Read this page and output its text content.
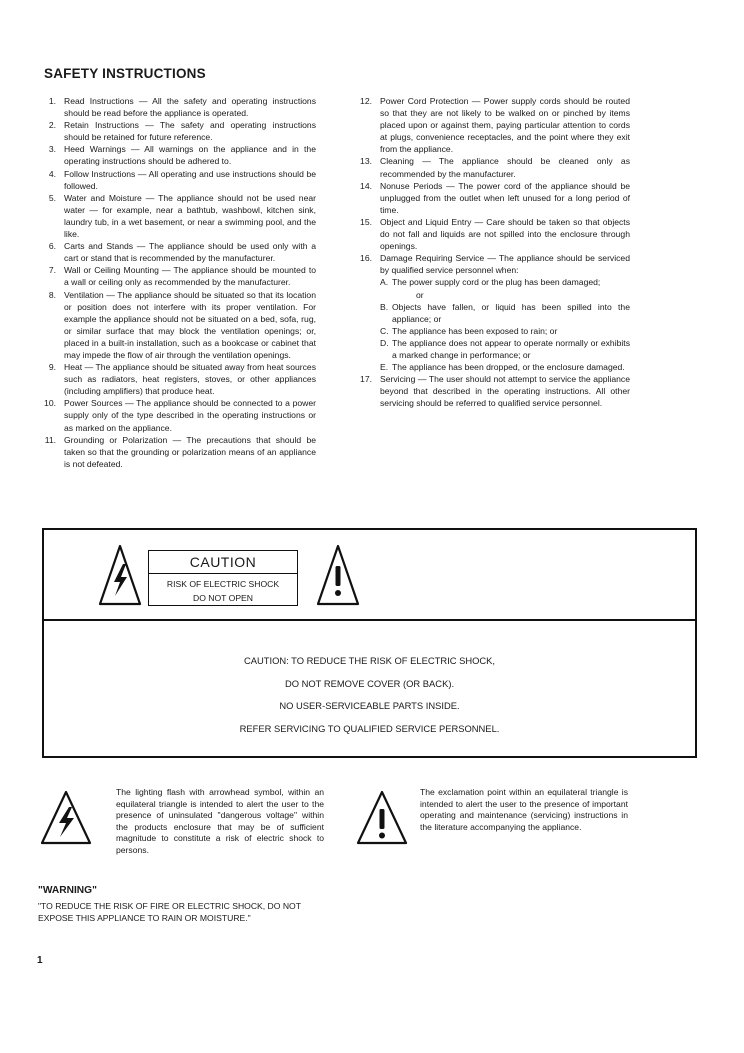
SAFETY INSTRUCTIONS
1. Read Instructions — All the safety and operating instructions should be read before the appliance is operated.
2. Retain Instructions — The safety and operating instructions should be retained for future reference.
3. Heed Warnings — All warnings on the appliance and in the operating instructions should be adhered to.
4. Follow Instructions — All operating and use instructions should be followed.
5. Water and Moisture — The appliance should not be used near water — for example, near a bathtub, washbowl, kitchen sink, laundry tub, in a wet basement, or near a swimming pool, and the like.
6. Carts and Stands — The appliance should be used only with a cart or stand that is recommended by the manufacturer.
7. Wall or Ceiling Mounting — The appliance should be mounted to a wall or ceiling only as recommended by the manufacturer.
8. Ventilation — The appliance should be situated so that its location or position does not interfere with its proper ventilation. For example the appliance should not be situated on a bed, sofa, rug, or similar surface that may block the ventilation openings; or, placed in a built-in installation, such as a bookcase or cabinet that may impede the flow of air through the ventilation openings.
9. Heat — The appliance should be situated away from heat sources such as radiators, heat registers, stoves, or other appliances (including amplifiers) that produce heat.
10. Power Sources — The appliance should be connected to a power supply only of the type described in the operating instructions or as marked on the appliance.
11. Grounding or Polarization — The precautions that should be taken so that the grounding or polarization means of an appliance is not defeated.
12. Power Cord Protection — Power supply cords should be routed so that they are not likely to be walked on or pinched by items placed upon or against them, paying particular attention to cords at plugs, convenience receptacles, and the point where they exit from the appliance.
13. Cleaning — The appliance should be cleaned only as recommended by the manufacturer.
14. Nonuse Periods — The power cord of the appliance should be unplugged from the outlet when left unused for a long period of time.
15. Object and Liquid Entry — Care should be taken so that objects do not fall and liquids are not spilled into the enclosure through openings.
16. Damage Requiring Service — The appliance should be serviced by qualified service personnel when:
A. The power supply cord or the plug has been damaged;
or
B. Objects have fallen, or liquid has been spilled into the appliance; or
C. The appliance has been exposed to rain; or
D. The appliance does not appear to operate normally or exhibits a marked change in performance; or
E. The appliance has been dropped, or the enclosure damaged.
17. Servicing — The user should not attempt to service the appliance beyond that described in the operating instructions. All other servicing should be referred to qualified service personnel.
CAUTION
RISK OF ELECTRIC SHOCK
DO NOT OPEN
CAUTION: TO REDUCE THE RISK OF ELECTRIC SHOCK,
DO NOT REMOVE COVER (OR BACK).
NO USER-SERVICEABLE PARTS INSIDE.
REFER SERVICING TO QUALIFIED SERVICE PERSONNEL.

The lighting flash with arrowhead symbol, within an equilateral triangle is intended to alert the user to the presence of uninsulated "dangerous voltage" within the products enclosure that may be of sufficient magnitude to constitute a risk of electric shock to persons.

The exclamation point within an equilateral triangle is intended to alert the user to the presence of important operating and maintenance (servicing) instructions in the literature accompanying the appliance.

"WARNING"

"TO REDUCE THE RISK OF FIRE OR ELECTRIC SHOCK, DO NOT EXPOSE THIS APPLIANCE TO RAIN OR MOISTURE."

1
